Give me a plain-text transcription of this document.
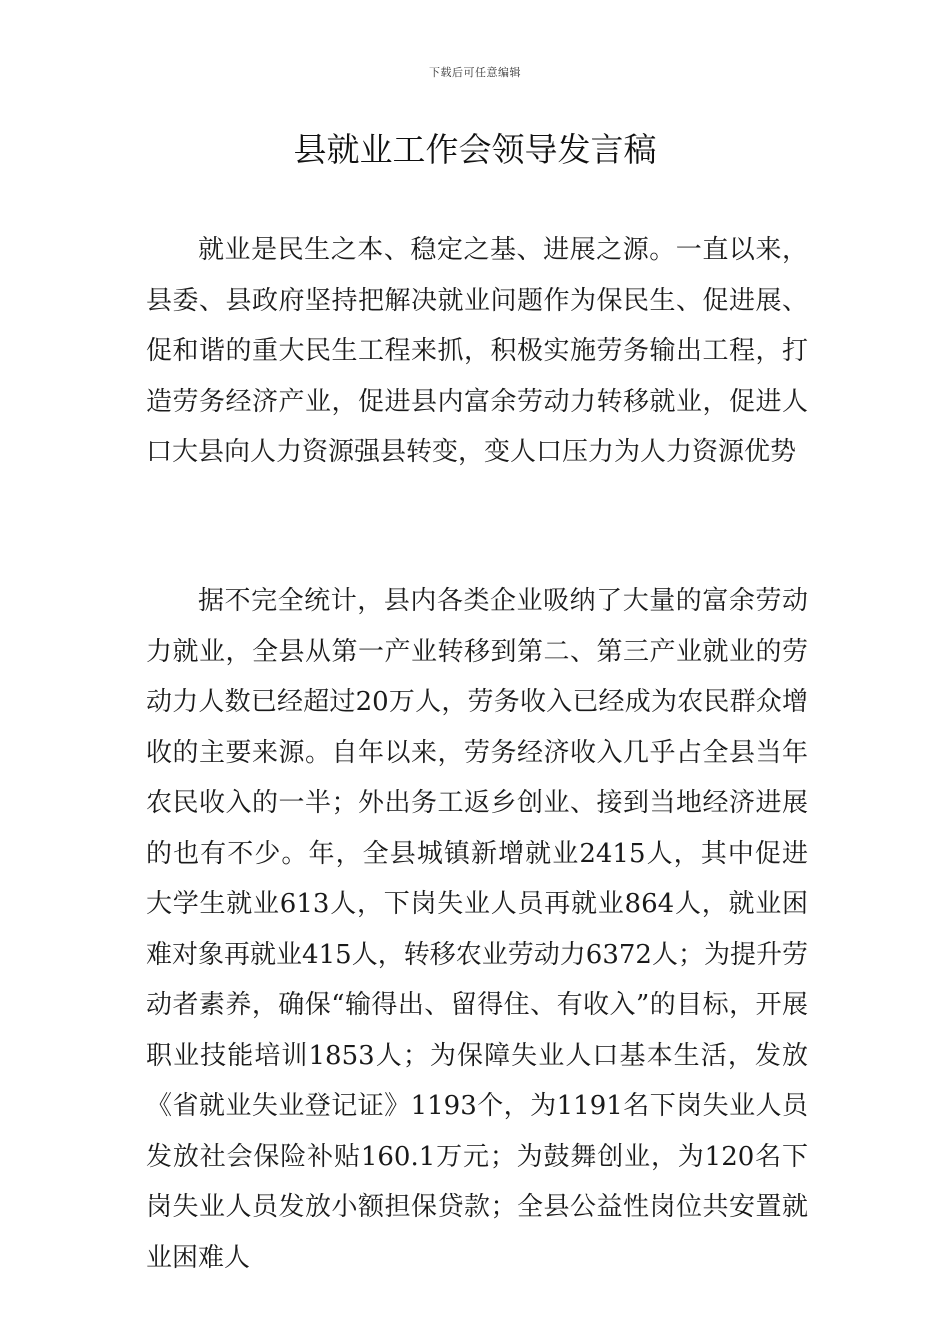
下载后可任意编辑
县就业工作会领导发言稿

就业是民生之本、稳定之基、进展之源。一直以来，县委、县政府坚持把解决就业问题作为保民生、促进展、促和谐的重大民生工程来抓，积极实施劳务输出工程，打造劳务经济产业，促进县内富余劳动力转移就业，促进人口大县向人力资源强县转变，变人口压力为人力资源优势

据不完全统计，县内各类企业吸纳了大量的富余劳动力就业，全县从第一产业转移到第二、第三产业就业的劳动力人数已经超过20万人，劳务收入已经成为农民群众增收的主要来源。自年以来，劳务经济收入几乎占全县当年农民收入的一半；外出务工返乡创业、接到当地经济进展的也有不少。年，全县城镇新增就业2415人，其中促进大学生就业613人，下岗失业人员再就业864人，就业困难对象再就业415人，转移农业劳动力6372人；为提升劳动者素养，确保“输得出、留得住、有收入”的目标，开展职业技能培训1853人；为保障失业人口基本生活，发放《省就业失业登记证》1193个，为1191名下岗失业人员发放社会保险补贴160.1万元；为鼓舞创业，为120名下岗失业人员发放小额担保贷款；全县公益性岗位共安置就业困难人
